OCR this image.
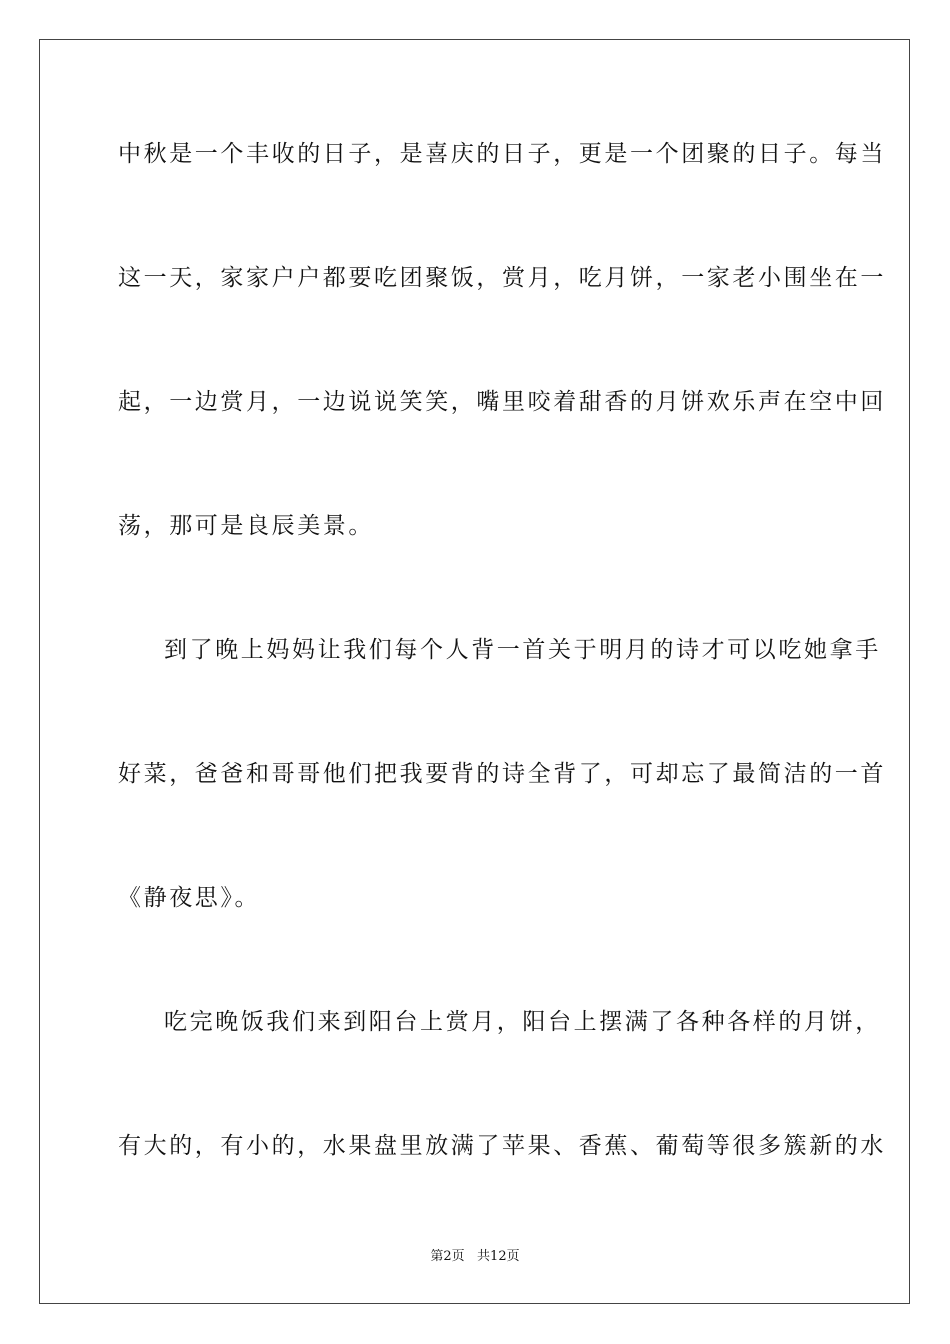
中秋是一个丰收的日子，是喜庆的日子，更是一个团聚的日子。每当
这一天，家家户户都要吃团聚饭，赏月，吃月饼，一家老小围坐在一
起，一边赏月，一边说说笑笑，嘴里咬着甜香的月饼欢乐声在空中回
荡，那可是良辰美景。
到了晚上妈妈让我们每个人背一首关于明月的诗才可以吃她拿手
好菜，爸爸和哥哥他们把我要背的诗全背了，可却忘了最简洁的一首
《静夜思》。
吃完晚饭我们来到阳台上赏月，阳台上摆满了各种各样的月饼，
有大的，有小的，水果盘里放满了苹果、香蕉、葡萄等很多簇新的水
第2页   共12页
